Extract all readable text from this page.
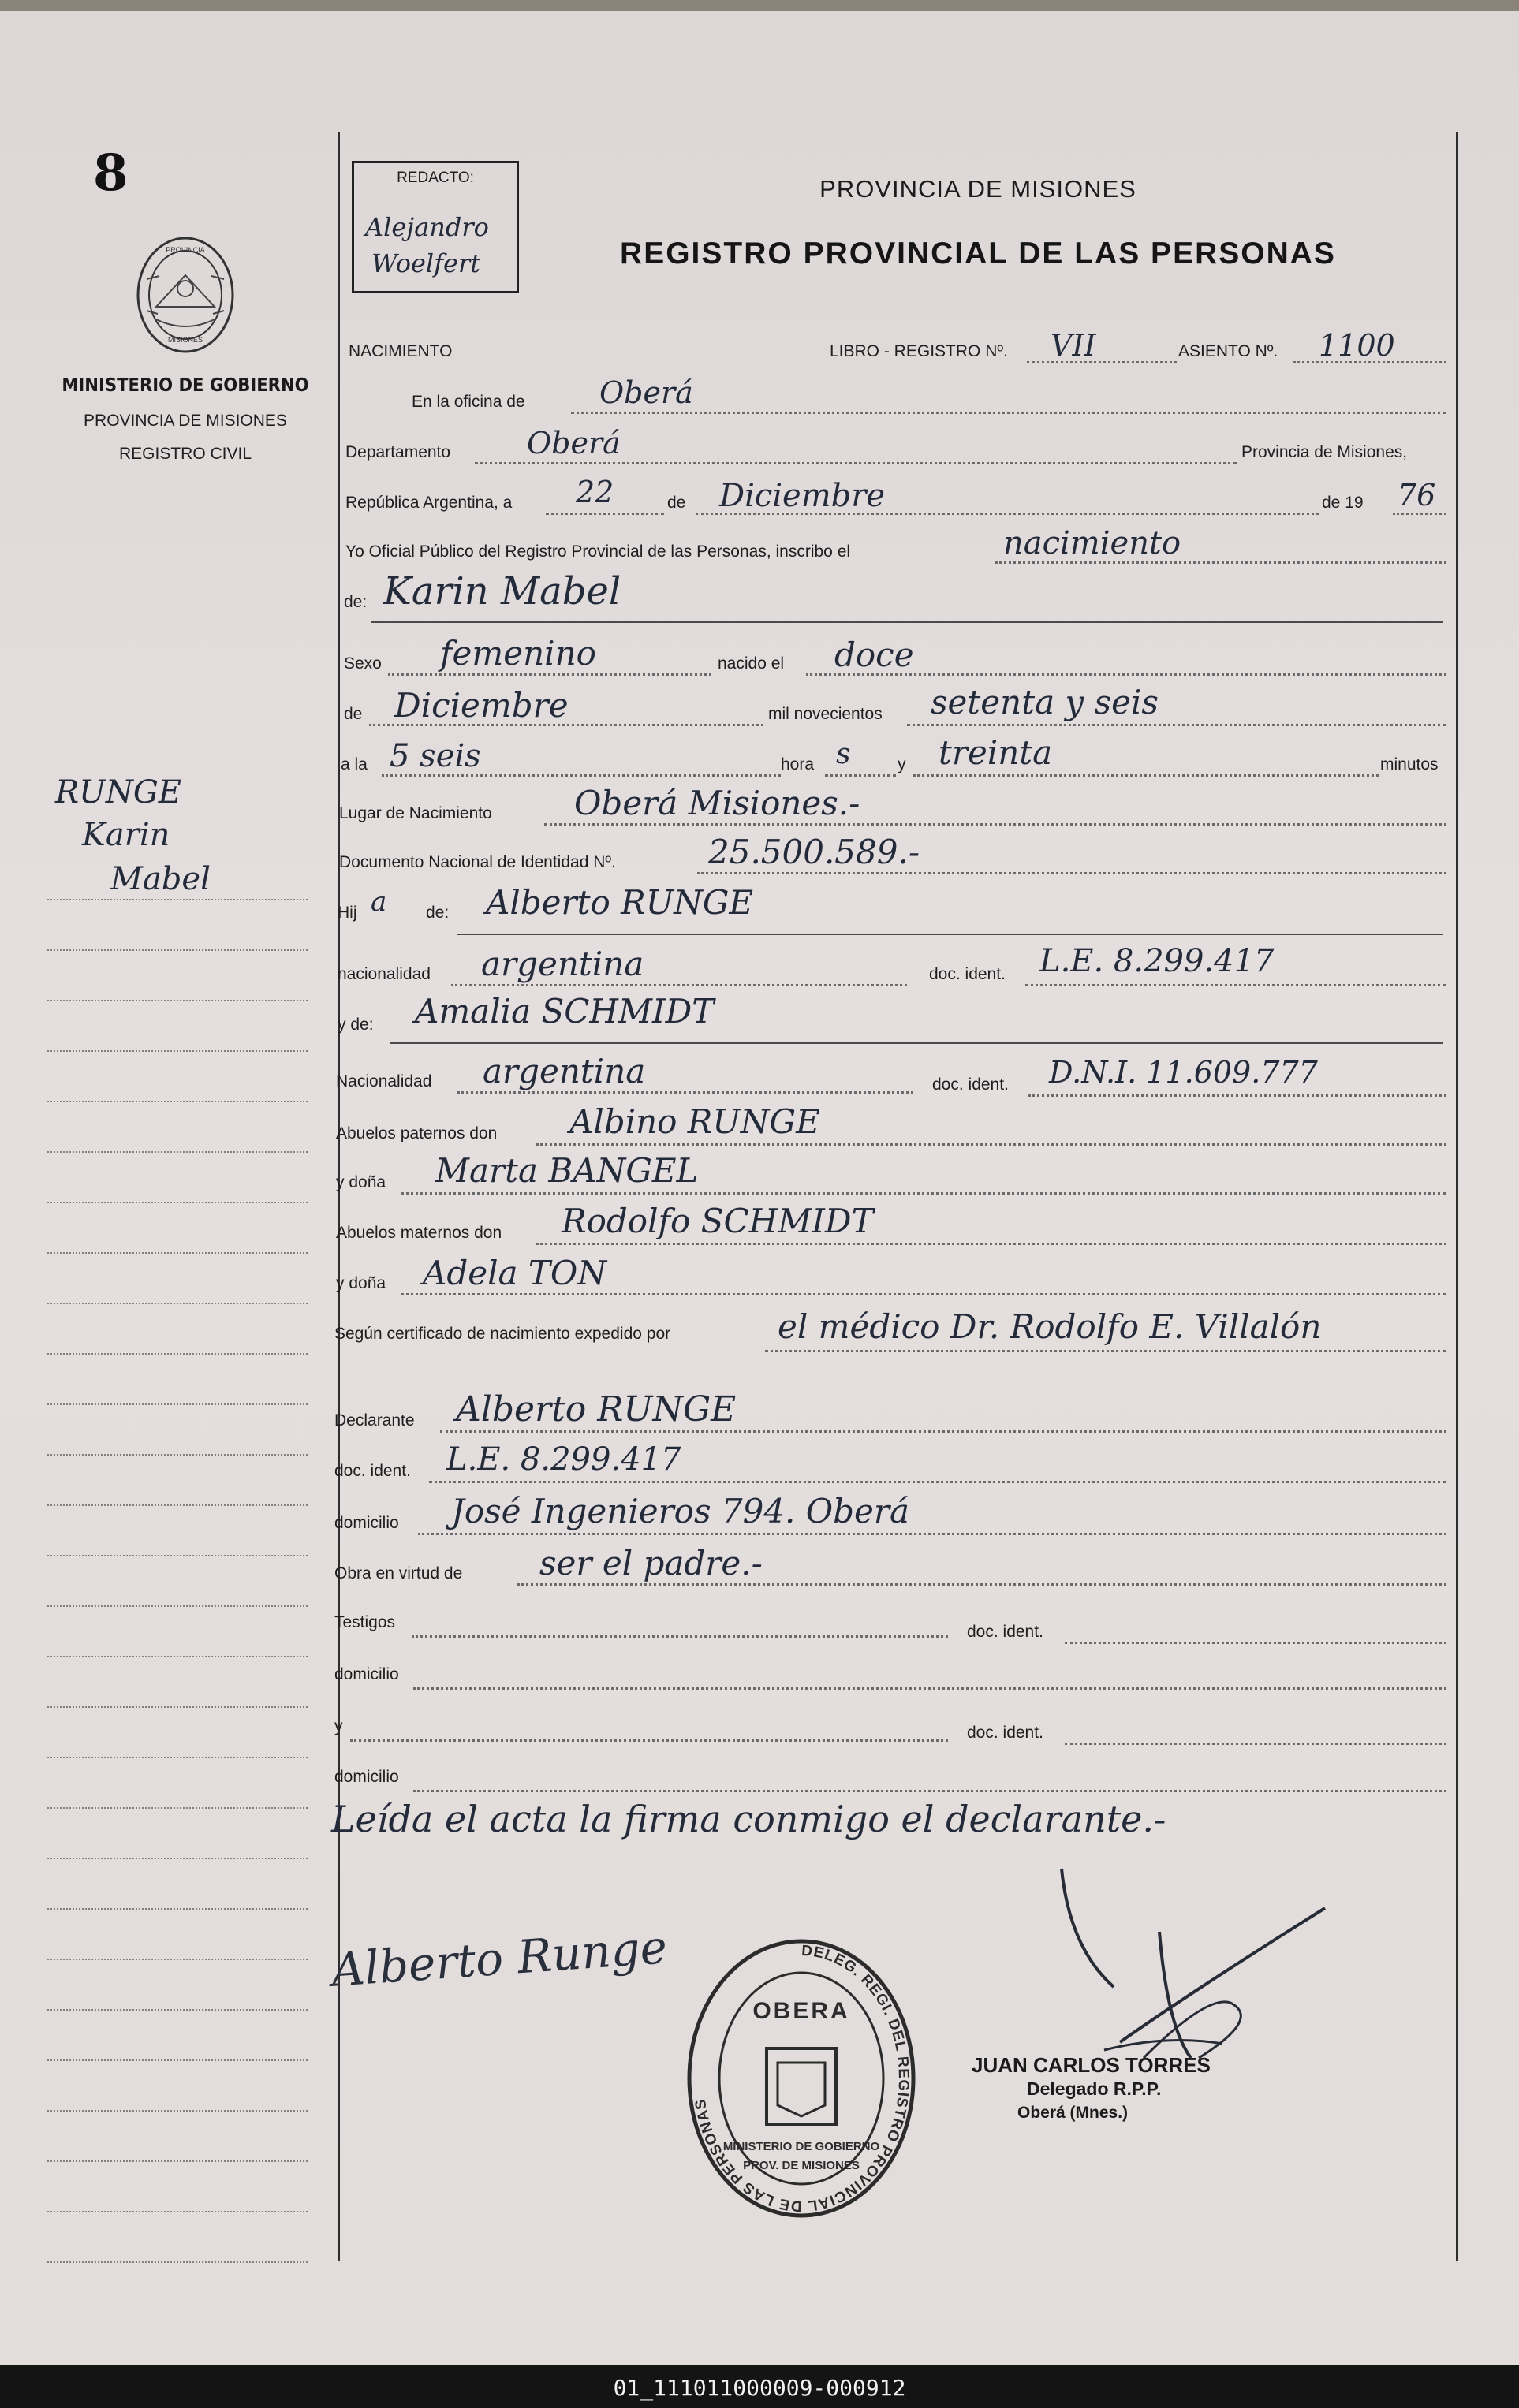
8
PROVINCIA
MISIONES
MINISTERIO DE GOBIERNO
PROVINCIA DE MISIONES
REGISTRO CIVIL
RUNGE
Karin
Mabel
REDACTO:
Alejandro
Woelfert
PROVINCIA DE MISIONES
REGISTRO PROVINCIAL DE LAS PERSONAS
NACIMIENTO	LIBRO - REGISTRO Nº. VII	ASIENTO Nº. 1100
En la oficina de Oberá
Departamento	Oberá	Provincia de Misiones,
República Argentina, a 22	de Diciembre	de 19 76
Yo Oficial Público del Registro Provincial de las Personas, inscribo el	nacimiento
de: Karin Mabel
Sexo femenino	nacido el doce
de Diciembre	mil novecientos setenta y seis
a la 5 seis	hora s	y treinta	minutos
Lugar de Nacimiento Oberá Misiones.-
Documento Nacional de Identidad Nº.	25.500.589.-
Hij a de: Alberto RUNGE
nacionalidad argentina	doc. ident. L.E. 8.299.417
y de: Amalia SCHMIDT
Nacionalidad argentina	doc. ident. D.N.I. 11.609.777
Abuelos paternos don Albino RUNGE
y doña Marta BANGEL
Abuelos maternos don Rodolfo SCHMIDT
y doña Adela TON
Según certificado de nacimiento expedido por	el médico Dr. Rodolfo E. Villalón
Declarante Alberto RUNGE
doc. ident. L.E. 8.299.417
domicilio José Ingenieros 794. Oberá
Obra en virtud de ser el padre.-
Testigos
doc. ident.
domicilio
y	doc. ident.
domicilio
Leída el acta la firma conmigo el declarante.-
Alberto Runge	DELEG. REGI. DEL REGISTRO PROVINCIAL DE LAS PERSONAS
OBERA
MINISTERIO DE GOBIERNO
PROV. DE MISIONES
JUAN CARLOS TORRES
Delegado R.P.P.
Oberá (Mnes.)
01_111011000009-000912
